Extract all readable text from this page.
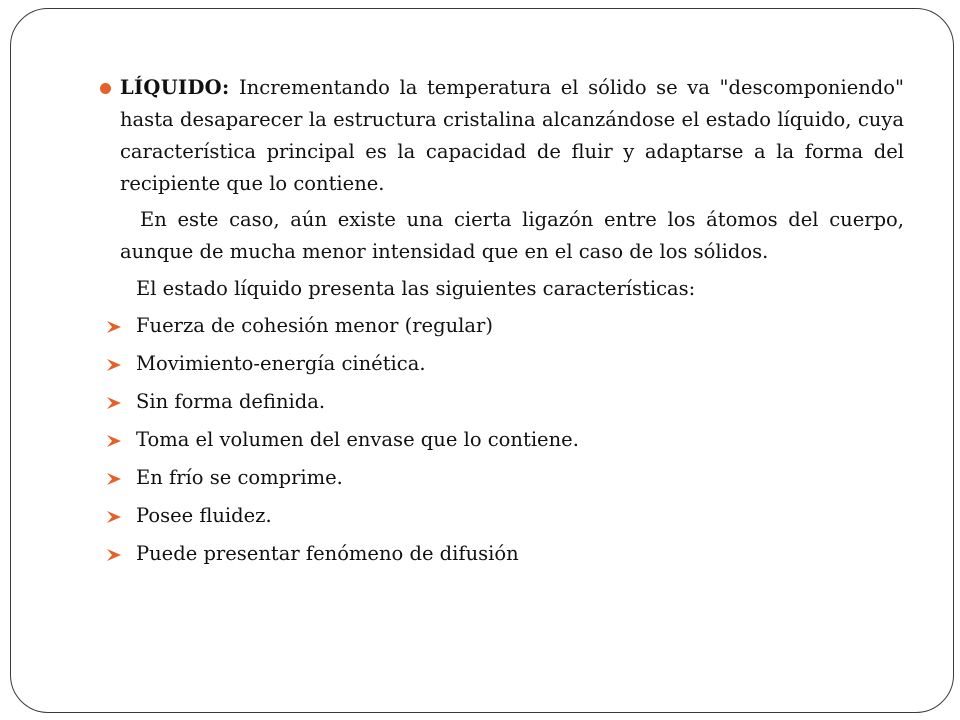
LÍQUIDO: Incrementando la temperatura el sólido se va "descomponiendo" hasta desaparecer la estructura cristalina alcanzándose el estado líquido, cuya característica principal es la capacidad de fluir y adaptarse a la forma del recipiente que lo contiene.

En este caso, aún existe una cierta ligazón entre los átomos del cuerpo, aunque de mucha menor intensidad que en el caso de los sólidos.

El estado líquido presenta las siguientes características:

Fuerza de cohesión menor (regular)
Movimiento-energía cinética.
Sin forma definida.
Toma el volumen del envase que lo contiene.
En frío se comprime.
Posee fluidez.
Puede presentar fenómeno de difusión
